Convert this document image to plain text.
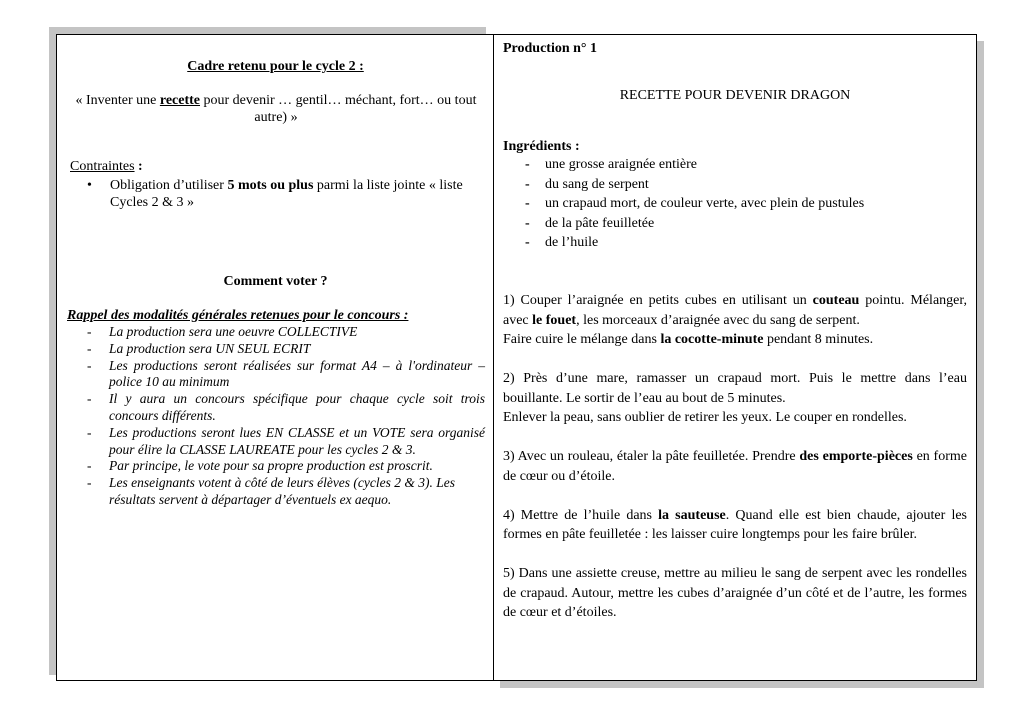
Cadre retenu pour le cycle 2 :
« Inventer une recette pour devenir … gentil… méchant, fort… ou tout autre) »
Contraintes :
• Obligation d’utiliser 5 mots ou plus parmi la liste jointe « liste Cycles 2 & 3 »
Comment voter ?
Rappel des modalités générales retenues pour le concours :
- La production sera une oeuvre COLLECTIVE
- La production sera UN SEUL ECRIT
- Les productions seront réalisées sur format A4 – à l'ordinateur – police 10 au minimum
- Il y aura un concours spécifique pour chaque cycle soit trois concours différents.
- Les productions seront lues EN CLASSE et un VOTE sera organisé pour élire la CLASSE LAUREATE pour les cycles 2 & 3.
- Par principe, le vote pour sa propre production est proscrit.
- Les enseignants votent à côté de leurs élèves (cycles 2 & 3). Les résultats servent à départager d’éventuels ex aequo.
Production n° 1
RECETTE POUR DEVENIR DRAGON
Ingrédients :
- une grosse araignée entière
- du sang de serpent
- un crapaud mort, de couleur verte, avec plein de pustules
- de la pâte feuilletée
- de l’huile

1) Couper l’araignée en petits cubes en utilisant un couteau pointu. Mélanger, avec le fouet, les morceaux d’araignée avec du sang de serpent.
Faire cuire le mélange dans la cocotte-minute pendant 8 minutes.

2) Près d’une mare, ramasser un crapaud mort. Puis le mettre dans l’eau bouillante. Le sortir de l’eau au bout de 5 minutes.
Enlever la peau, sans oublier de retirer les yeux. Le couper en rondelles.

3) Avec un rouleau, étaler la pâte feuilletée. Prendre des emporte-pièces en forme de cœur ou d’étoile.

4) Mettre de l’huile dans la sauteuse. Quand elle est bien chaude, ajouter les formes en pâte feuilletée : les laisser cuire longtemps pour les faire brûler.

5) Dans une assiette creuse, mettre au milieu le sang de serpent avec les rondelles de crapaud. Autour, mettre les cubes d’araignée d’un côté et de l’autre, les formes de cœur et d’étoiles.
